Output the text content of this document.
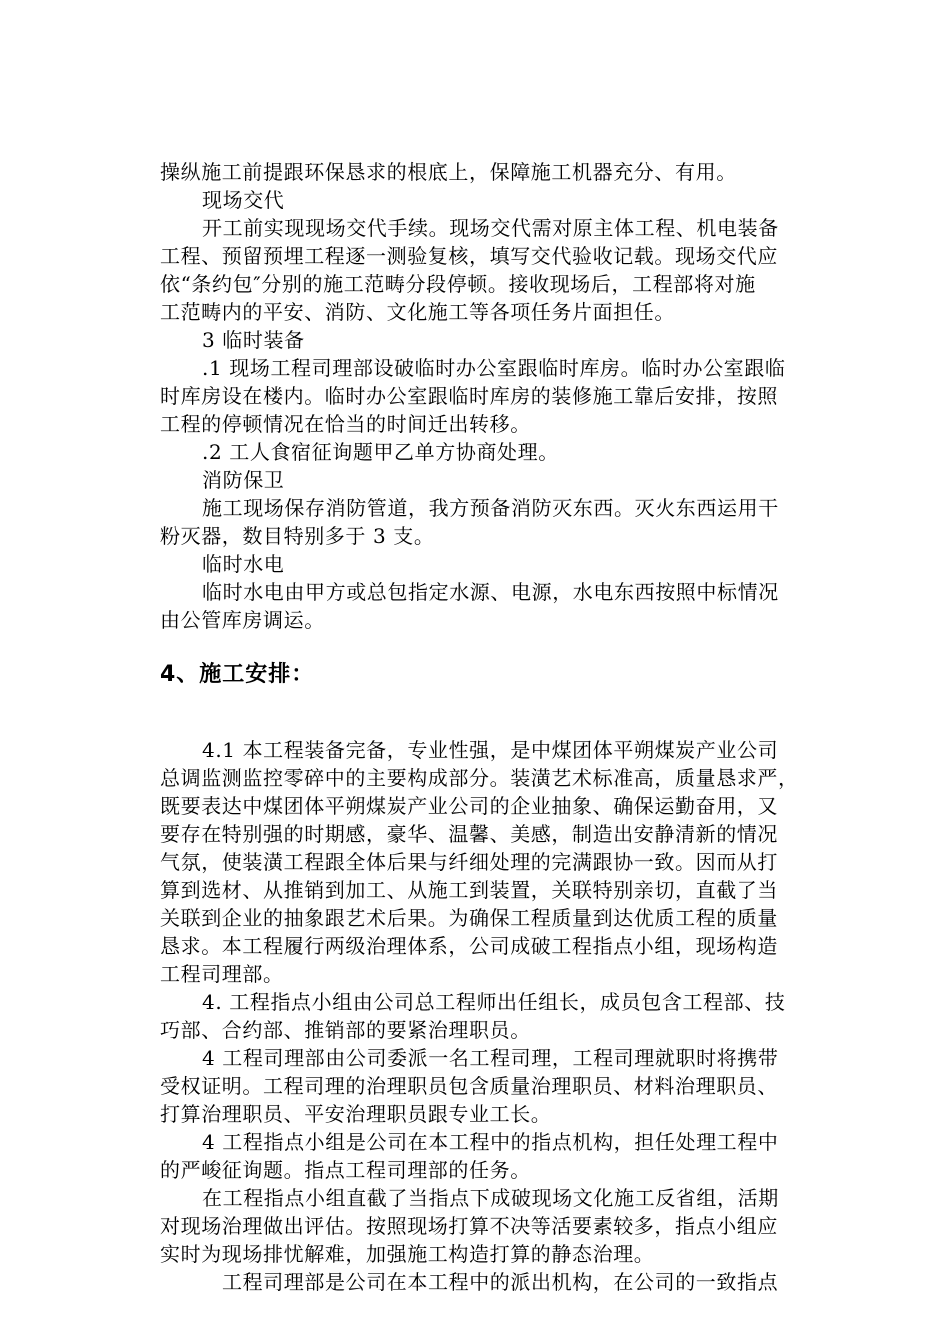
操纵施工前提跟环保恳求的根底上，保障施工机器充分、有用。
现场交代
开工前实现现场交代手续。现场交代需对原主体工程、机电装备
工程、预留预埋工程逐一测验复核，填写交代验收记载。现场交代应
依“条约包″分别的施工范畴分段停顿。接收现场后，工程部将对施
工范畴内的平安、消防、文化施工等各项任务片面担任。
3 临时装备
.1 现场工程司理部设破临时办公室跟临时库房。临时办公室跟临
时库房设在楼内。临时办公室跟临时库房的装修施工靠后安排，按照
工程的停顿情况在恰当的时间迁出转移。
.2 工人食宿征询题甲乙单方协商处理。
消防保卫
施工现场保存消防管道，我方预备消防灭东西。灭火东西运用干
粉灭器，数目特别多于 3 支。
临时水电
临时水电由甲方或总包指定水源、电源，水电东西按照中标情况
由公管库房调运。
4、施工安排：
4.1 本工程装备完备，专业性强，是中煤团体平朔煤炭产业公司
总调监测监控零碎中的主要构成部分。装潢艺术标准高，质量恳求严，
既要表达中煤团体平朔煤炭产业公司的企业抽象、确保运勤奋用，又
要存在特别强的时期感，豪华、温馨、美感，制造出安静清新的情况
气氛，使装潢工程跟全体后果与纤细处理的完满跟协一致。因而从打
算到选材、从推销到加工、从施工到装置，关联特别亲切，直截了当
关联到企业的抽象跟艺术后果。为确保工程质量到达优质工程的质量
恳求。本工程履行两级治理体系，公司成破工程指点小组，现场构造
工程司理部。
4. 工程指点小组由公司总工程师出任组长，成员包含工程部、技
巧部、合约部、推销部的要紧治理职员。
4 工程司理部由公司委派一名工程司理，工程司理就职时将携带
受权证明。工程司理的治理职员包含质量治理职员、材料治理职员、
打算治理职员、平安治理职员跟专业工长。
4 工程指点小组是公司在本工程中的指点机构，担任处理工程中
的严峻征询题。指点工程司理部的任务。
在工程指点小组直截了当指点下成破现场文化施工反省组，活期
对现场治理做出评估。按照现场打算不决等活要素较多，指点小组应
实时为现场排忧解难，加强施工构造打算的静态治理。
工程司理部是公司在本工程中的派出机构，在公司的一致指点
